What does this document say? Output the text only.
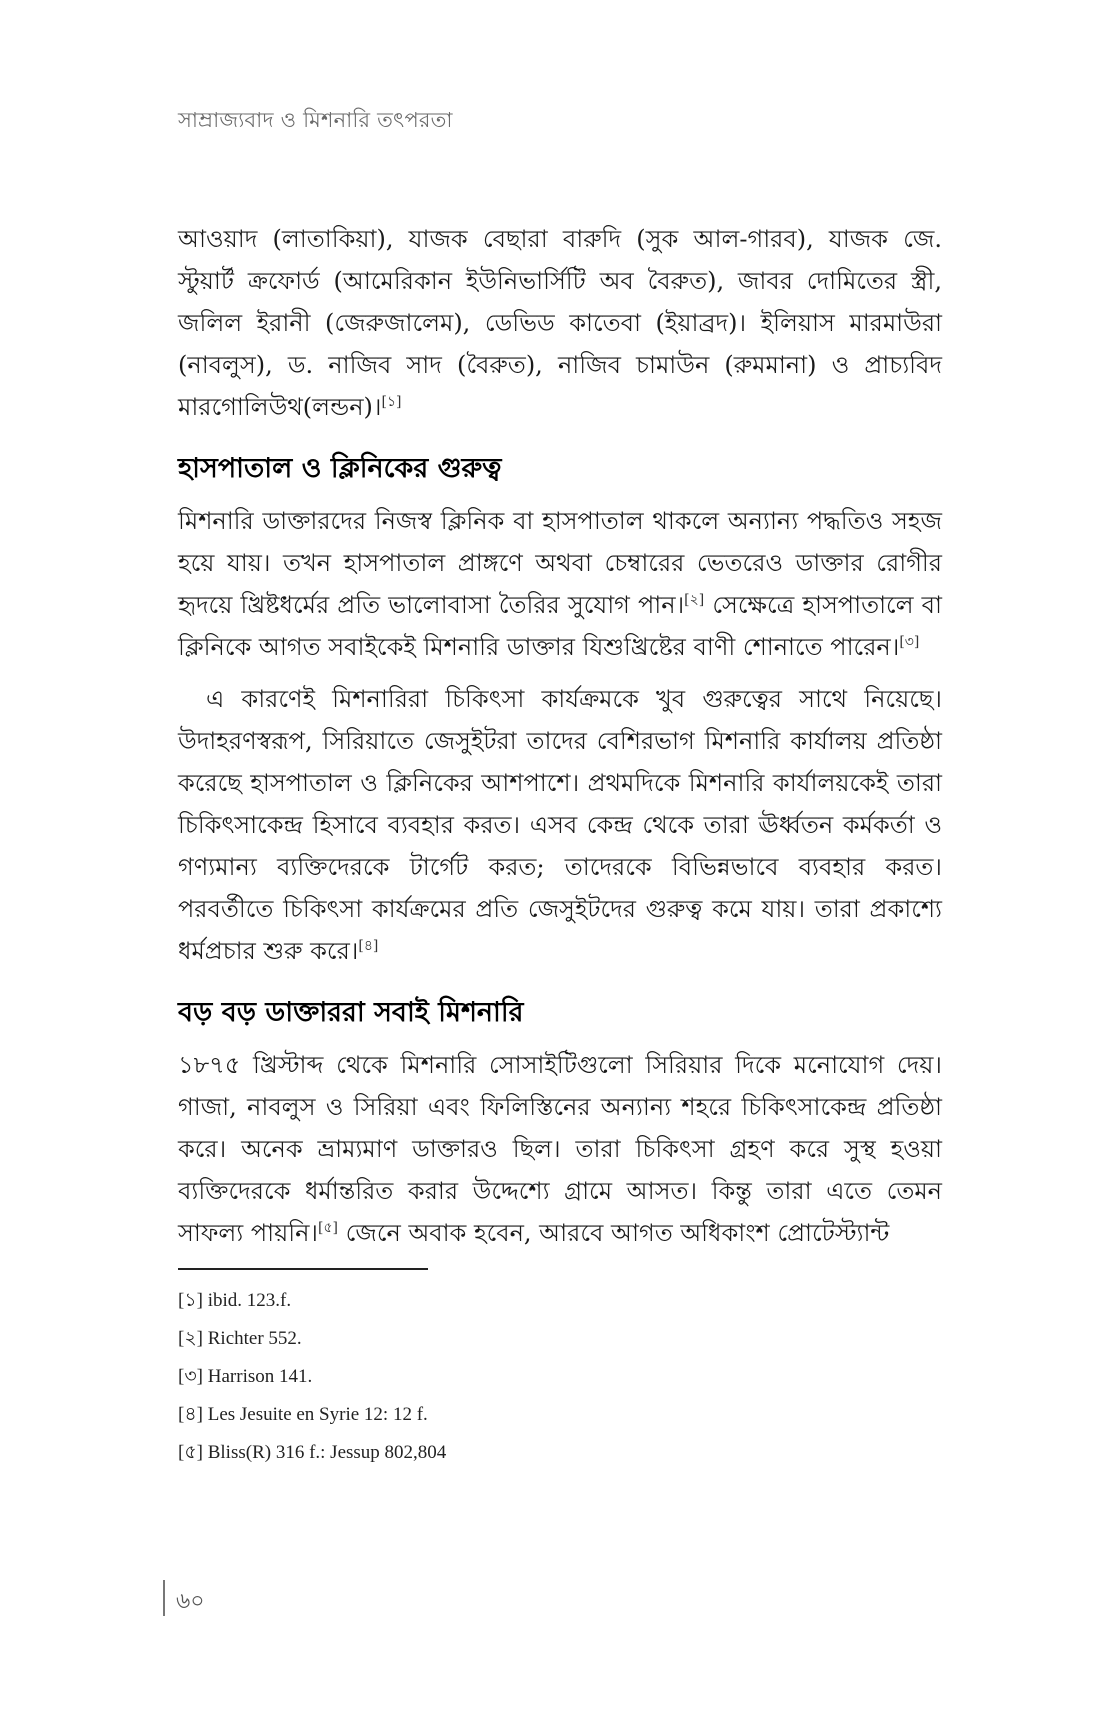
সাম্রাজ্যবাদ ও মিশনারি তৎপরতা

আওয়াদ (লাতাকিয়া), যাজক বেছারা বারুদি (সুক আল-গারব), যাজক জে. স্টুয়ার্ট ক্রফোর্ড (আমেরিকান ইউনিভার্সিটি অব বৈরুত), জাবর দোমিতের স্ত্রী, জলিল ইরানী (জেরুজালেম), ডেভিড কাতেবা (ইয়াব্রদ)। ইলিয়াস মারমাউরা (নাবলুস), ড. নাজিব সাদ (বৈরুত), নাজিব চামাউন (রুমমানা) ও প্রাচ্যবিদ মারগোলিউথ(লন্ডন)।[১]

হাসপাতাল ও ক্লিনিকের গুরুত্ব

মিশনারি ডাক্তারদের নিজস্ব ক্লিনিক বা হাসপাতাল থাকলে অন্যান্য পদ্ধতিও সহজ হয়ে যায়। তখন হাসপাতাল প্রাঙ্গণে অথবা চেম্বারের ভেতরেও ডাক্তার রোগীর হৃদয়ে খ্রিষ্টধর্মের প্রতি ভালোবাসা তৈরির সুযোগ পান।[২] সেক্ষেত্রে হাসপাতালে বা ক্লিনিকে আগত সবাইকেই মিশনারি ডাক্তার যিশুখ্রিষ্টের বাণী শোনাতে পারেন।[৩]

এ কারণেই মিশনারিরা চিকিৎসা কার্যক্রমকে খুব গুরুত্বের সাথে নিয়েছে। উদাহরণস্বরূপ, সিরিয়াতে জেসুইটরা তাদের বেশিরভাগ মিশনারি কার্যালয় প্রতিষ্ঠা করেছে হাসপাতাল ও ক্লিনিকের আশপাশে। প্রথমদিকে মিশনারি কার্যালয়কেই তারা চিকিৎসাকেন্দ্র হিসাবে ব্যবহার করত। এসব কেন্দ্র থেকে তারা ঊর্ধ্বতন কর্মকর্তা ও গণ্যমান্য ব্যক্তিদেরকে টার্গেট করত; তাদেরকে বিভিন্নভাবে ব্যবহার করত। পরবর্তীতে চিকিৎসা কার্যক্রমের প্রতি জেসুইটদের গুরুত্ব কমে যায়। তারা প্রকাশ্যে ধর্মপ্রচার শুরু করে।[৪]

বড় বড় ডাক্তাররা সবাই মিশনারি

১৮৭৫ খ্রিস্টাব্দ থেকে মিশনারি সোসাইটিগুলো সিরিয়ার দিকে মনোযোগ দেয়। গাজা, নাবলুস ও সিরিয়া এবং ফিলিস্তিনের অন্যান্য শহরে চিকিৎসাকেন্দ্র প্রতিষ্ঠা করে। অনেক ভ্রাম্যমাণ ডাক্তারও ছিল। তারা চিকিৎসা গ্রহণ করে সুস্থ হওয়া ব্যক্তিদেরকে ধর্মান্তরিত করার উদ্দেশ্যে গ্রামে আসত। কিন্তু তারা এতে তেমন সাফল্য পায়নি।[৫] জেনে অবাক হবেন, আরবে আগত অধিকাংশ প্রোটেস্ট্যান্ট

[১] ibid. 123.f.
[২] Richter 552.
[৩] Harrison 141.
[৪] Les Jesuite en Syrie 12: 12 f.
[৫] Bliss(R) 316 f.: Jessup 802,804
৬০
